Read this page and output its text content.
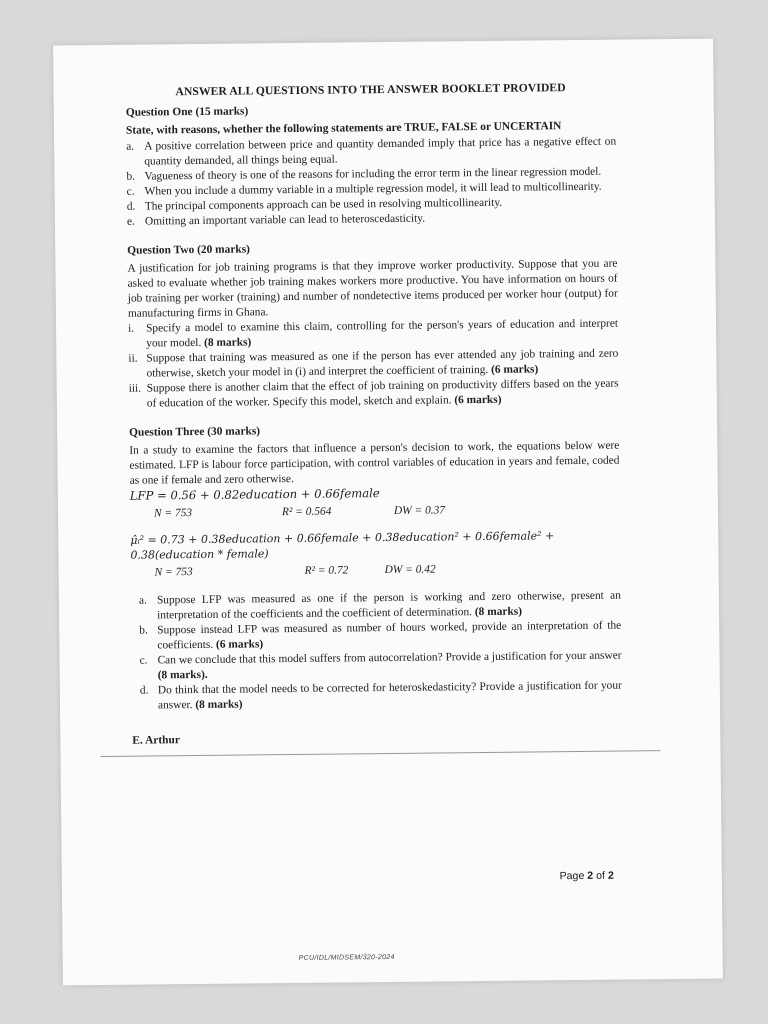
ANSWER ALL QUESTIONS INTO THE ANSWER BOOKLET PROVIDED
Question One (15 marks)
State, with reasons, whether the following statements are TRUE, FALSE or UNCERTAIN
a. A positive correlation between price and quantity demanded imply that price has a negative effect on quantity demanded, all things being equal.
b. Vagueness of theory is one of the reasons for including the error term in the linear regression model.
c. When you include a dummy variable in a multiple regression model, it will lead to multicollinearity.
d. The principal components approach can be used in resolving multicollinearity.
e. Omitting an important variable can lead to heteroscedasticity.
Question Two (20 marks)

A justification for job training programs is that they improve worker productivity. Suppose that you are asked to evaluate whether job training makes workers more productive. You have information on hours of job training per worker (training) and number of nondetective items produced per worker hour (output) for manufacturing firms in Ghana.

i.	Specify a model to examine this claim, controlling for the person's years of education and interpret your model. (8 marks)
ii. Suppose that training was measured as one if the person has ever attended any job training and zero otherwise, sketch your model in (i) and interpret the coefficient of training. (6 marks)
iii. Suppose there is another claim that the effect of job training on productivity differs based on the years of education of the worker. Specify this model, sketch and explain. (6 marks)
Question Three (30 marks)

In a study to examine the factors that influence a person's decision to work, the equations below were estimated. LFP is labour force participation, with control variables of education in years and female, coded as one if female and zero otherwise.

LFP = 0.56 + 0.82education + 0.66female
N = 753	R² = 0.564	DW = 0.37
μ̂ᵢ² = 0.73 + 0.38education + 0.66female + 0.38education² + 0.66female² + 0.38(education * female)
N = 753	R² = 0.72	DW = 0.42
a. Suppose LFP was measured as one if the person is working and zero otherwise, present an interpretation of the coefficients and the coefficient of determination. (8 marks)
b. Suppose instead LFP was measured as number of hours worked, provide an interpretation of the coefficients. (6 marks)
c. Can we conclude that this model suffers from autocorrelation? Provide a justification for your answer (8 marks).
d. Do think that the model needs to be corrected for heteroskedasticity? Provide a justification for your answer. (8 marks)
E. Arthur
Page 2 of 2
PCU/IDL/MIDSEM/320-2024
